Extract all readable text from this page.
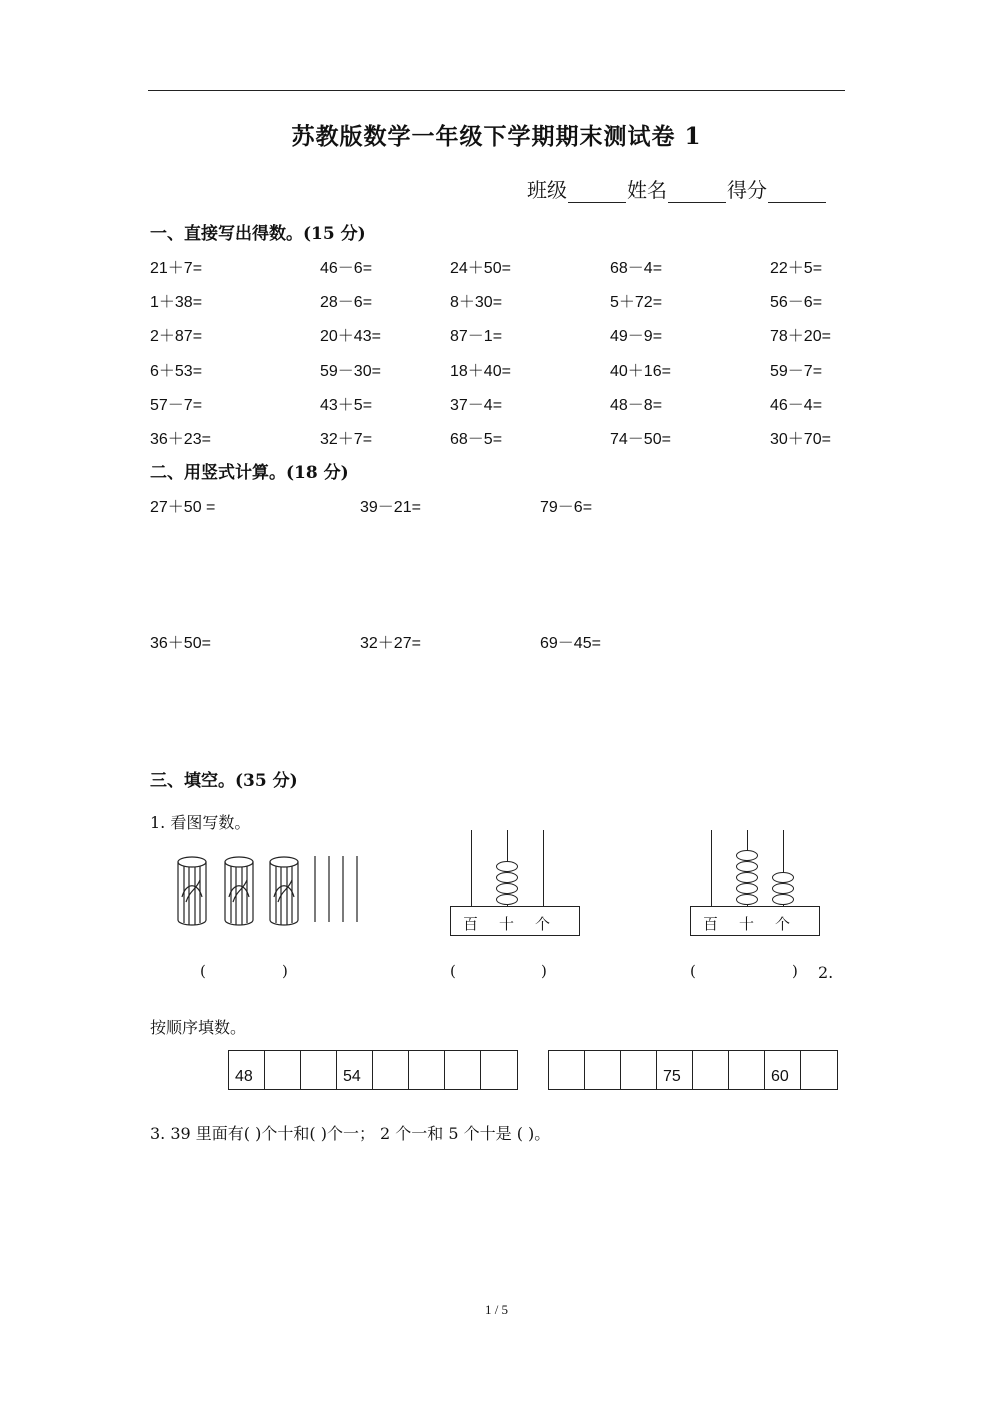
苏教版数学一年级下学期期末测试卷 1
班级	姓名	得分
一、直接写出得数。(15 分)
21＋7=	46－6=	24＋50=	68－4=	22＋5=
1＋38=	28－6=	8＋30=	5＋72=	56－6=
2＋87=	20＋43=	87－1=	49－9=	78＋20=
6＋53=	59－30=	18＋40=	40＋16=	59－7=
57－7=	43＋5=	37－4=	48－8=	46－4=
36＋23=	32＋7=	68－5=	74－50=	30＋70=
二、用竖式计算。(18 分)
27＋50 =	39－21=	79－6=
36＋50=	32＋27=	69－45=
三、填空。(35 分)
1. 看图写数。
百 十 个	百 十 个
(	)	(	)	(	) 2.
按顺序填数。
48	54	75	60
3. 39 里面有( )个十和( )个一； 2 个一和 5 个十是 ( )。
1 / 5
